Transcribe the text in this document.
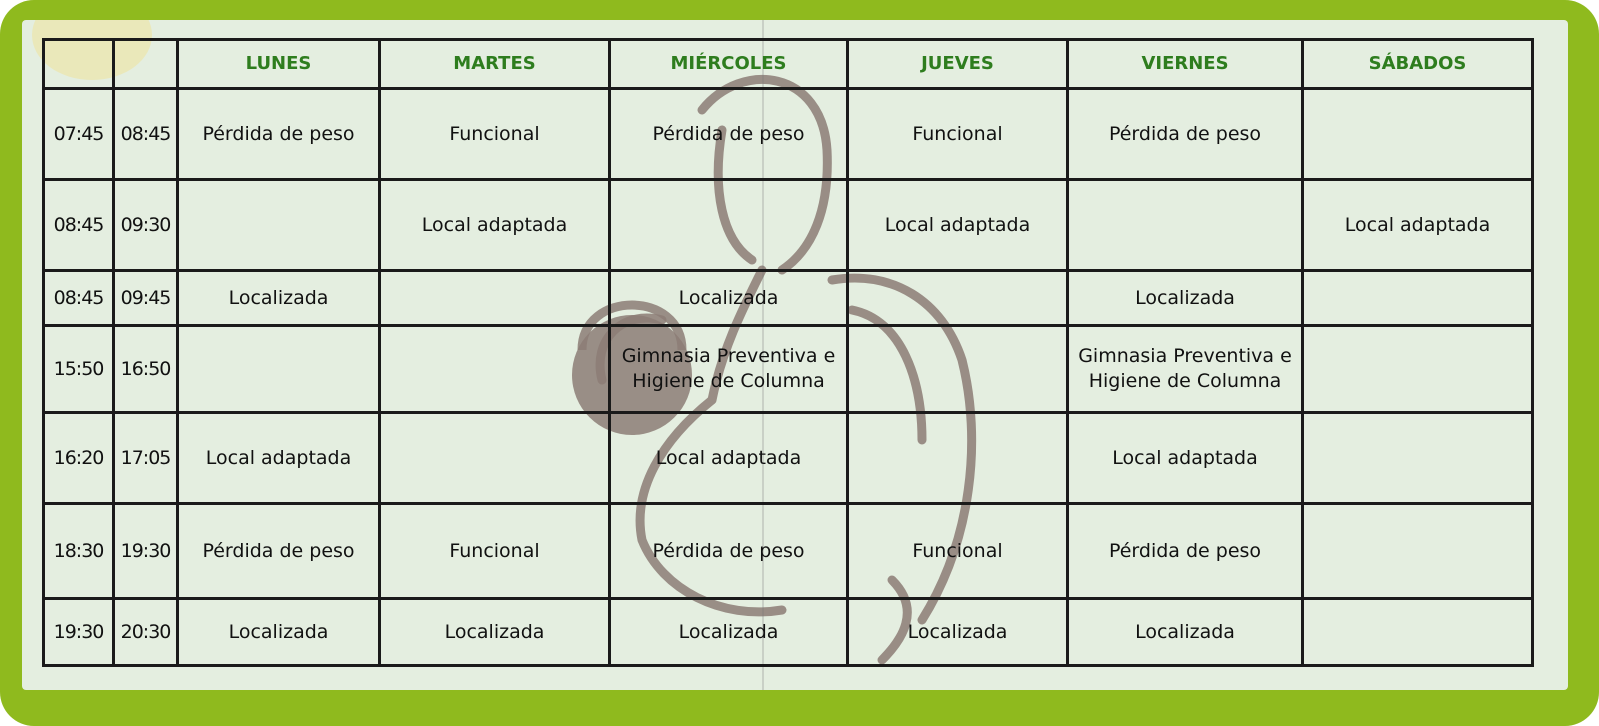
		LUNES	MARTES	MIÉRCOLES	JUEVES	VIERNES	SÁBADOS
07:45	08:45	Pérdida de peso	Funcional	Pérdida de peso	Funcional	Pérdida de peso	
08:45	09:30		Local adaptada		Local adaptada		Local adaptada
08:45	09:45	Localizada		Localizada		Localizada	
15:50	16:50			Gimnasia Preventiva e Higiene de Columna		Gimnasia Preventiva e Higiene de Columna	
16:20	17:05	Local adaptada		Local adaptada		Local adaptada	
18:30	19:30	Pérdida de peso	Funcional	Pérdida de peso	Funcional	Pérdida de peso	
19:30	20:30	Localizada	Localizada	Localizada	Localizada	Localizada	
